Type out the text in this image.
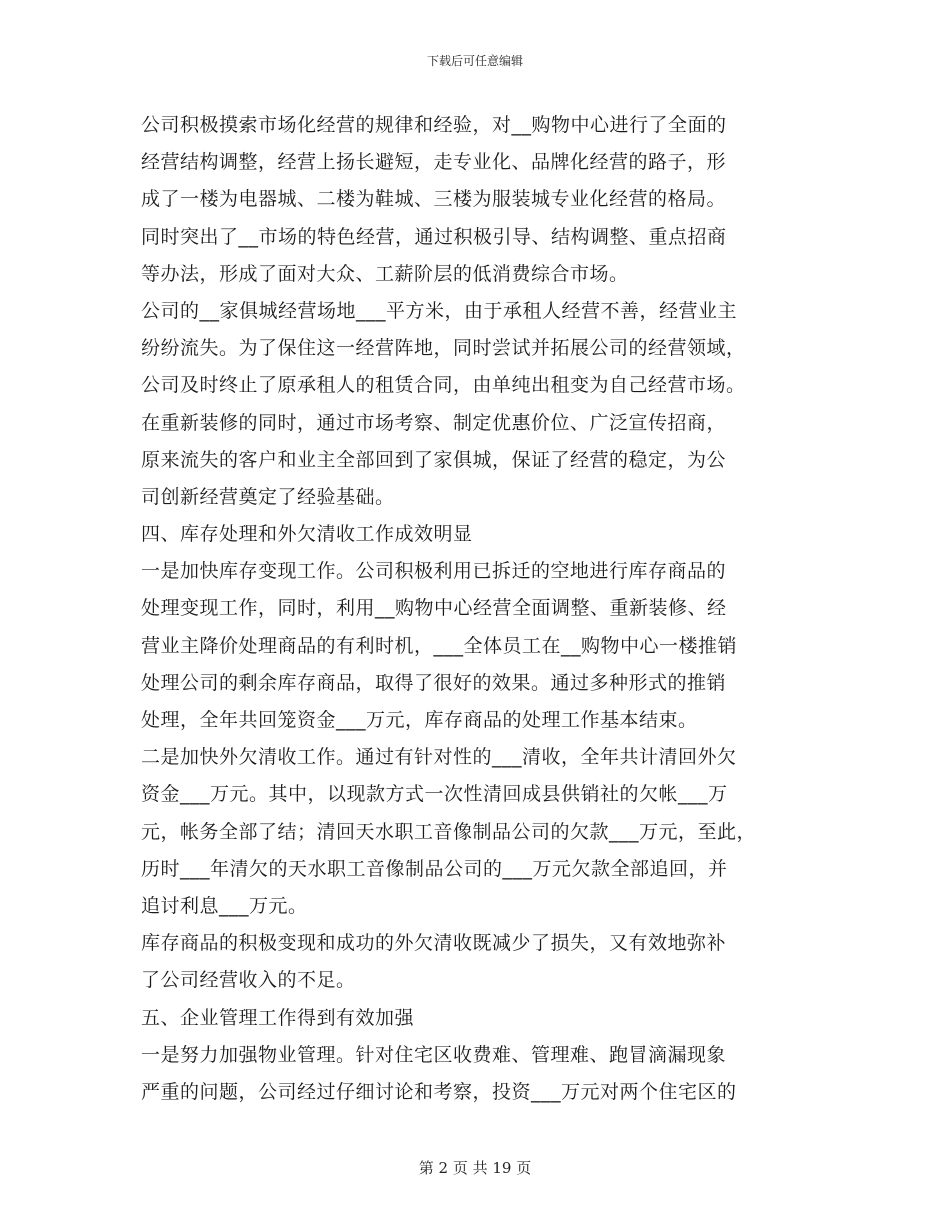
下载后可任意编辑
公司积极摸索市场化经营的规律和经验，对__购物中心进行了全面的
经营结构调整，经营上扬长避短，走专业化、品牌化经营的路子，形
成了一楼为电器城、二楼为鞋城、三楼为服装城专业化经营的格局。
同时突出了__市场的特色经营，通过积极引导、结构调整、重点招商
等办法，形成了面对大众、工薪阶层的低消费综合市场。
公司的__家俱城经营场地___平方米，由于承租人经营不善，经营业主
纷纷流失。为了保住这一经营阵地，同时尝试并拓展公司的经营领域，
公司及时终止了原承租人的租赁合同，由单纯出租变为自己经营市场。
在重新装修的同时，通过市场考察、制定优惠价位、广泛宣传招商，
原来流失的客户和业主全部回到了家俱城，保证了经营的稳定，为公
司创新经营奠定了经验基础。
四、库存处理和外欠清收工作成效明显
一是加快库存变现工作。公司积极利用已拆迁的空地进行库存商品的
处理变现工作，同时，利用__购物中心经营全面调整、重新装修、经
营业主降价处理商品的有利时机，___全体员工在__购物中心一楼推销
处理公司的剩余库存商品，取得了很好的效果。通过多种形式的推销
处理，全年共回笼资金___万元，库存商品的处理工作基本结束。
二是加快外欠清收工作。通过有针对性的___清收，全年共计清回外欠
资金___万元。其中，以现款方式一次性清回成县供销社的欠帐___万
元，帐务全部了结；清回天水职工音像制品公司的欠款___万元，至此，
历时___年清欠的天水职工音像制品公司的___万元欠款全部追回，并
追讨利息___万元。
库存商品的积极变现和成功的外欠清收既减少了损失，又有效地弥补
了公司经营收入的不足。
五、企业管理工作得到有效加强
一是努力加强物业管理。针对住宅区收费难、管理难、跑冒滴漏现象
严重的问题，公司经过仔细讨论和考察，投资___万元对两个住宅区的
第 2 页 共 19 页
